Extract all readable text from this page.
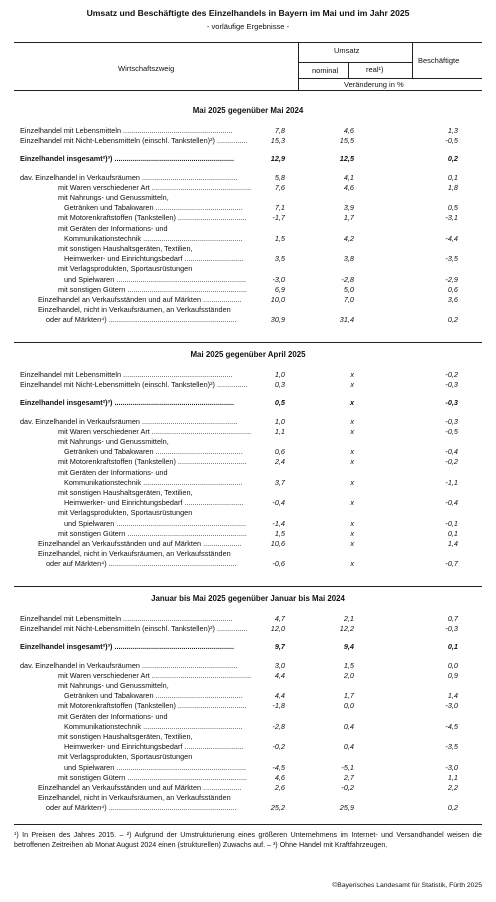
Umsatz und Beschäftigte des Einzelhandels in Bayern im Mai und im Jahr 2025
- vorläufige Ergebnisse -
Wirtschaftszweig
Umsatz
nominal	real¹)
Beschäftigte
Veränderung in %
Mai 2025 gegenüber Mai 2024
Einzelhandel mit Lebensmitteln ......................................................	7,8	4,6	1,3
Einzelhandel mit Nicht-Lebensmitteln (einschl. Tankstellen)²) ...............	15,3	15,5	-0,5
Einzelhandel insgesamt²)³) ...........................................................	12,9	12,5	0,2
dav. Einzelhandel in Verkaufsräumen ...............................................	5,8	4,1	0,1
mit Waren verschiedener Art .................................................	7,6	4,6	1,8
mit Nahrungs- und Genussmitteln,
Getränken und Tabakwaren ...........................................	7,1	3,9	0,5
mit Motorenkraftstoffen (Tankstellen) ..................................	-1,7	1,7	-3,1
mit Geräten der Informations- und
Kommunikationstechnik .................................................	1,5	4,2	-4,4
mit sonstigen Haushaltsgeräten, Textilien,
Heimwerker- und Einrichtungsbedarf .............................	3,5	3,8	-3,5
mit Verlagsprodukten, Sportausrüstungen
und Spielwaren ................................................................	-3,0	-2,8	-2,9
mit sonstigen Gütern ...........................................................	6,9	5,0	0,6
Einzelhandel an Verkaufsständen und auf Märkten ...................	10,0	7,0	3,6
Einzelhandel, nicht in Verkaufsräumen, an Verkaufsständen
oder auf Märkten⁴) ...............................................................	30,9	31,4	0,2
Mai 2025 gegenüber April 2025
Einzelhandel mit Lebensmitteln ......................................................	1,0	x	-0,2
Einzelhandel mit Nicht-Lebensmitteln (einschl. Tankstellen)²) ...............	0,3	x	-0,3
Einzelhandel insgesamt²)³) ...........................................................	0,5	x	-0,3
dav. Einzelhandel in Verkaufsräumen ...............................................	1,0	x	-0,3
mit Waren verschiedener Art .................................................	1,1	x	-0,5
mit Nahrungs- und Genussmitteln,
Getränken und Tabakwaren ...........................................	0,6	x	-0,4
mit Motorenkraftstoffen (Tankstellen) ..................................	2,4	x	-0,2
mit Geräten der Informations- und
Kommunikationstechnik .................................................	3,7	x	-1,1
mit sonstigen Haushaltsgeräten, Textilien,
Heimwerker- und Einrichtungsbedarf .............................	-0,4	x	-0,4
mit Verlagsprodukten, Sportausrüstungen
und Spielwaren ................................................................	-1,4	x	-0,1
mit sonstigen Gütern ...........................................................	1,5	x	0,1
Einzelhandel an Verkaufsständen und auf Märkten ...................	10,6	x	1,4
Einzelhandel, nicht in Verkaufsräumen, an Verkaufsständen
oder auf Märkten⁴) ...............................................................	-0,6	x	-0,7
Januar bis Mai 2025 gegenüber Januar bis Mai 2024
Einzelhandel mit Lebensmitteln ......................................................	4,7	2,1	0,7
Einzelhandel mit Nicht-Lebensmitteln (einschl. Tankstellen)²) ...............	12,0	12,2	-0,3
Einzelhandel insgesamt²)³) ...........................................................	9,7	9,4	0,1
dav. Einzelhandel in Verkaufsräumen ...............................................	3,0	1,5	0,0
mit Waren verschiedener Art .................................................	4,4	2,0	0,9
mit Nahrungs- und Genussmitteln,
Getränken und Tabakwaren ...........................................	4,4	1,7	1,4
mit Motorenkraftstoffen (Tankstellen) ..................................	-1,8	0,0	-3,0
mit Geräten der Informations- und
Kommunikationstechnik .................................................	-2,8	0,4	-4,5
mit sonstigen Haushaltsgeräten, Textilien,
Heimwerker- und Einrichtungsbedarf .............................	-0,2	0,4	-3,5
mit Verlagsprodukten, Sportausrüstungen
und Spielwaren ................................................................	-4,5	-5,1	-3,0
mit sonstigen Gütern ...........................................................	4,6	2,7	1,1
Einzelhandel an Verkaufsständen und auf Märkten ...................	2,6	-0,2	2,2
Einzelhandel, nicht in Verkaufsräumen, an Verkaufsständen
oder auf Märkten⁴) ...............................................................	25,2	25,9	0,2
¹) In Preisen des Jahres 2015. – ²) Aufgrund der Umstrukturierung eines größeren Unternehmens im Internet- und Versandhandel weisen die betroffenen Zeitreihen ab Monat August 2024 einen (strukturellen) Zuwachs auf. – ³) Ohne Handel mit Kraftfahrzeugen.
©Bayerisches Landesamt für Statistik, Fürth 2025
